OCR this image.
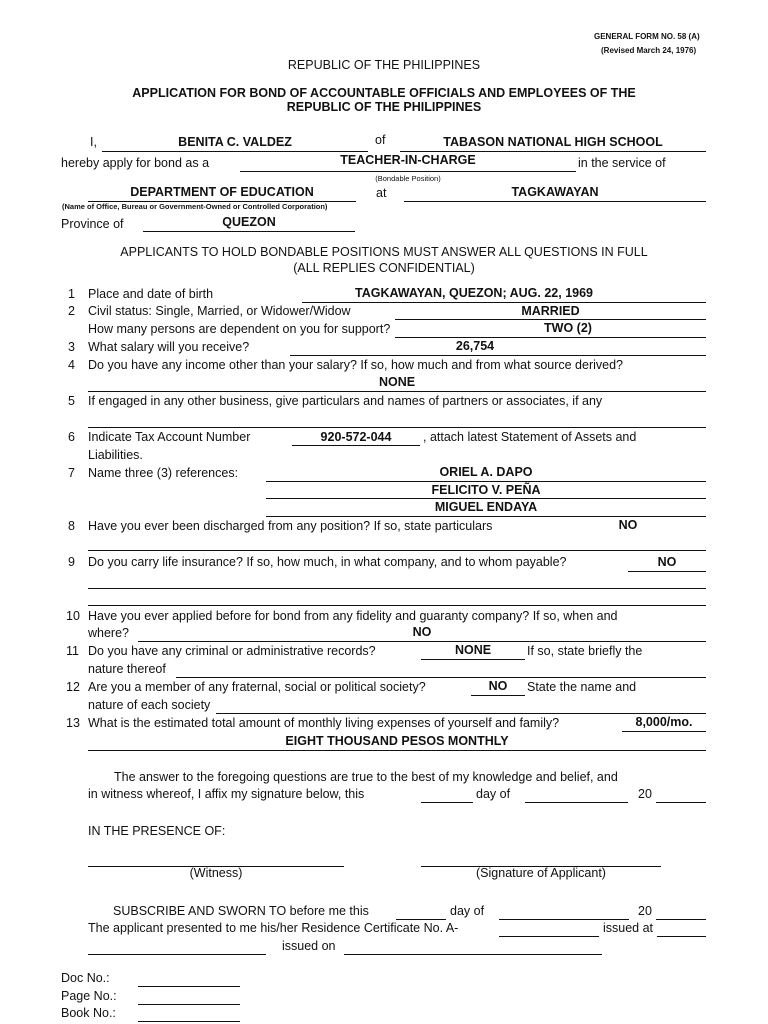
GENERAL FORM NO. 58 (A)
(Revised March 24, 1976)
REPUBLIC OF THE PHILIPPINES
APPLICATION FOR BOND OF ACCOUNTABLE OFFICIALS AND EMPLOYEES OF THE
REPUBLIC OF THE PHILIPPINES
I,	BENITA C. VALDEZ	of	TABASON NATIONAL HIGH SCHOOL
hereby apply for bond as a	TEACHER-IN-CHARGE	in the service of
(Bondable Position)
DEPARTMENT OF EDUCATION	at	TAGKAWAYAN
(Name of Office, Bureau or Government-Owned or Controlled Corporation)
Province of	QUEZON
APPLICANTS TO HOLD BONDABLE POSITIONS MUST ANSWER ALL QUESTIONS IN FULL
(ALL REPLIES CONFIDENTIAL)
1 Place and date of birth	TAGKAWAYAN, QUEZON; AUG. 22, 1969
2 Civil status: Single, Married, or Widower/Widow	MARRIED
How many persons are dependent on you for support?	TWO (2)
3 What salary will you receive?	26,754
4 Do you have any income other than your salary? If so, how much and from what source derived?
NONE
5 If engaged in any other business, give particulars and names of partners or associates, if any
6 Indicate Tax Account Number	920-572-044	, attach latest Statement of Assets and
Liabilities.
7 Name three (3) references:	ORIEL A. DAPO
FELICITO V. PEÑA
MIGUEL ENDAYA
8 Have you ever been discharged from any position? If so, state particulars	NO
9 Do you carry life insurance? If so, how much, in what company, and to whom payable?	NO
10 Have you ever applied before for bond from any fidelity and guaranty company? If so, when and
where?	NO
11 Do you have any criminal or administrative records?	NONE	If so, state briefly the
nature thereof
12 Are you a member of any fraternal, social or political society?	NO	State the name and
nature of each society
13 What is the estimated total amount of monthly living expenses of yourself and family?	8,000/mo.
EIGHT THOUSAND PESOS MONTHLY
The answer to the foregoing questions are true to the best of my knowledge and belief, and
in witness whereof, I affix my signature below, this	day of	20
IN THE PRESENCE OF:
(Witness)	(Signature of Applicant)
SUBSCRIBE AND SWORN TO before me this	day of	20
The applicant presented to me his/her Residence Certificate No. A-	issued at
issued on
Doc No.:
Page No.:
Book No.:
